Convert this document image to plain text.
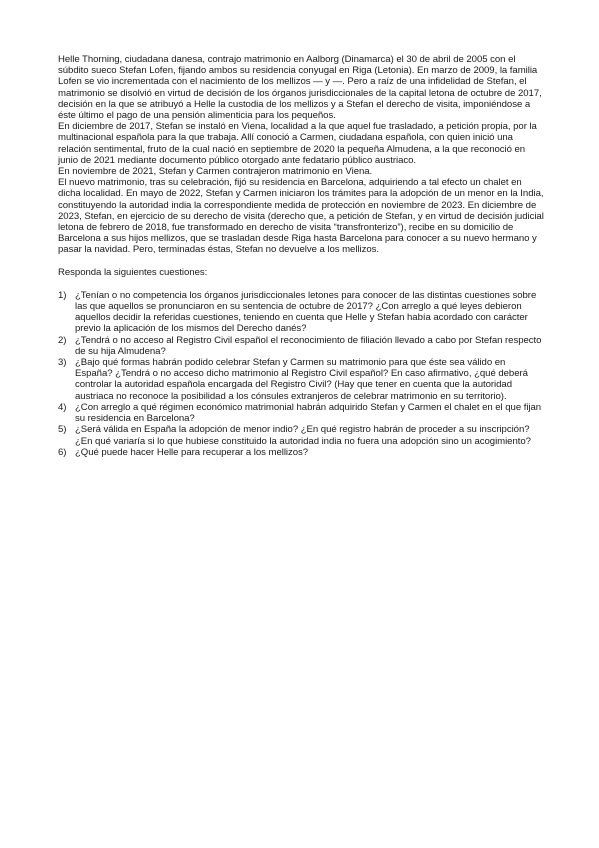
Helle Thorning, ciudadana danesa, contrajo matrimonio en Aalborg (Dinamarca) el 30 de abril de 2005 con el súbdito sueco Stefan Lofen, fijando ambos su residencia conyugal en Riga (Letonia). En marzo de 2009, la familia Lofen se vio incrementada con el nacimiento de los mellizos — y —. Pero a raíz de una infidelidad de Stefan, el matrimonio se disolvió en virtud de decisión de los órganos jurisdiccionales de la capital letona de octubre de 2017, decisión en la que se atribuyó a Helle la custodia de los mellizos y a Stefan el derecho de visita, imponiéndose a éste último el pago de una pensión alimenticia para los pequeños.

En diciembre de 2017, Stefan se instaló en Viena, localidad a la que aquel fue trasladado, a petición propia, por la multinacional española para la que trabaja. Allí conoció a Carmen, ciudadana española, con quien inició una relación sentimental, fruto de la cual nació en septiembre de 2020 la pequeña Almudena, a la que reconoció en junio de 2021 mediante documento público otorgado ante fedatario público austriaco.

En noviembre de 2021, Stefan y Carmen contrajeron matrimonio en Viena.

El nuevo matrimonio, tras su celebración, fijó su residencia en Barcelona, adquiriendo a tal efecto un chalet en dicha localidad. En mayo de 2022, Stefan y Carmen iniciaron los trámites para la adopción de un menor en la India, constituyendo la autoridad india la correspondiente medida de protección en noviembre de 2023. En diciembre de 2023, Stefan, en ejercicio de su derecho de visita (derecho que, a petición de Stefan, y en virtud de decisión judicial letona de febrero de 2018, fue transformado en derecho de visita “transfronterizo”), recibe en su domicilio de Barcelona a sus hijos mellizos, que se trasladan desde Riga hasta Barcelona para conocer a su nuevo hermano y pasar la navidad. Pero, terminadas éstas, Stefan no devuelve a los mellizos.

Responda la siguientes cuestiones:

1) ¿Tenían o no competencia los órganos jurisdiccionales letones para conocer de las distintas cuestiones sobre las que aquellos se pronunciaron en su sentencia de octubre de 2017? ¿Con arreglo a qué leyes debieron aquellos decidir la referidas cuestiones, teniendo en cuenta que Helle y Stefan había acordado con carácter previo la aplicación de los mismos del Derecho danés?
2) ¿Tendrá o no acceso al Registro Civil español el reconocimiento de filiación llevado a cabo por Stefan respecto de su hija Almudena?
3) ¿Bajo qué formas habrán podido celebrar Stefan y Carmen su matrimonio para que éste sea válido en España? ¿Tendrá o no acceso dicho matrimonio al Registro Civil español? En caso afirmativo, ¿qué deberá controlar la autoridad española encargada del Registro Civil? (Hay que tener en cuenta que la autoridad austriaca no reconoce la posibilidad a los cónsules extranjeros de celebrar matrimonio en su territorio).
4) ¿Con arreglo a qué régimen económico matrimonial habrán adquirido Stefan y Carmen el chalet en el que fijan su residencia en Barcelona?
5) ¿Será válida en España la adopción de menor indio? ¿En qué registro habrán de proceder a su inscripción? ¿En qué variaría si lo que hubiese constituido la autoridad india no fuera una adopción sino un acogimiento?
6) ¿Qué puede hacer Helle para recuperar a los mellizos?
